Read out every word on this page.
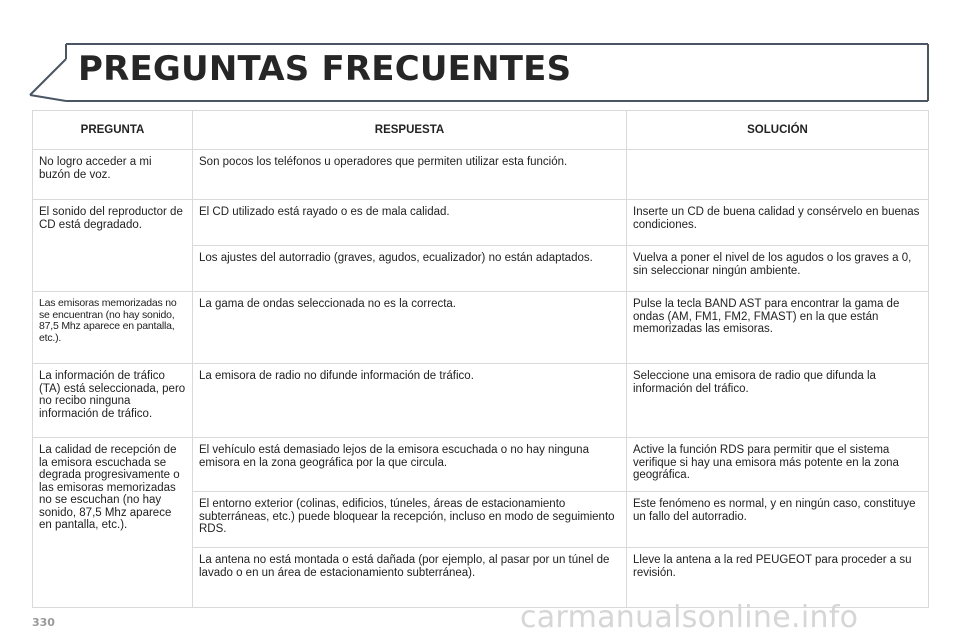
PREGUNTAS FRECUENTES
PREGUNTA	RESPUESTA	SOLUCIÓN
No logro acceder a mi buzón de voz.	Son pocos los teléfonos u operadores que permiten utilizar esta función.	
El sonido del reproductor de CD está degradado.	El CD utilizado está rayado o es de mala calidad.	Inserte un CD de buena calidad y consérvelo en buenas condiciones.
	Los ajustes del autorradio (graves, agudos, ecualizador) no están adaptados.	Vuelva a poner el nivel de los agudos o los graves a 0, sin seleccionar ningún ambiente.
Las emisoras memorizadas no se encuentran (no hay sonido, 87,5 Mhz aparece en pantalla, etc.).	La gama de ondas seleccionada no es la correcta.	Pulse la tecla BAND AST para encontrar la gama de ondas (AM, FM1, FM2, FMAST) en la que están memorizadas las emisoras.
La información de tráfico (TA) está seleccionada, pero no recibo ninguna información de tráfico.	La emisora de radio no difunde información de tráfico.	Seleccione una emisora de radio que difunda la información del tráfico.
La calidad de recepción de la emisora escuchada se degrada progresivamente o las emisoras memorizadas no se escuchan (no hay sonido, 87,5 Mhz aparece en pantalla, etc.).	El vehículo está demasiado lejos de la emisora escuchada o no hay ninguna emisora en la zona geográfica por la que circula.	Active la función RDS para permitir que el sistema verifique si hay una emisora más potente en la zona geográfica.
	El entorno exterior (colinas, edificios, túneles, áreas de estacionamiento subterráneas, etc.) puede bloquear la recepción, incluso en modo de seguimiento RDS.	Este fenómeno es normal, y en ningún caso, constituye un fallo del autorradio.
	La antena no está montada o está dañada (por ejemplo, al pasar por un túnel de lavado o en un área de estacionamiento subterránea).	Lleve la antena a la red PEUGEOT para proceder a su revisión.
330	carmanualsonline.info
